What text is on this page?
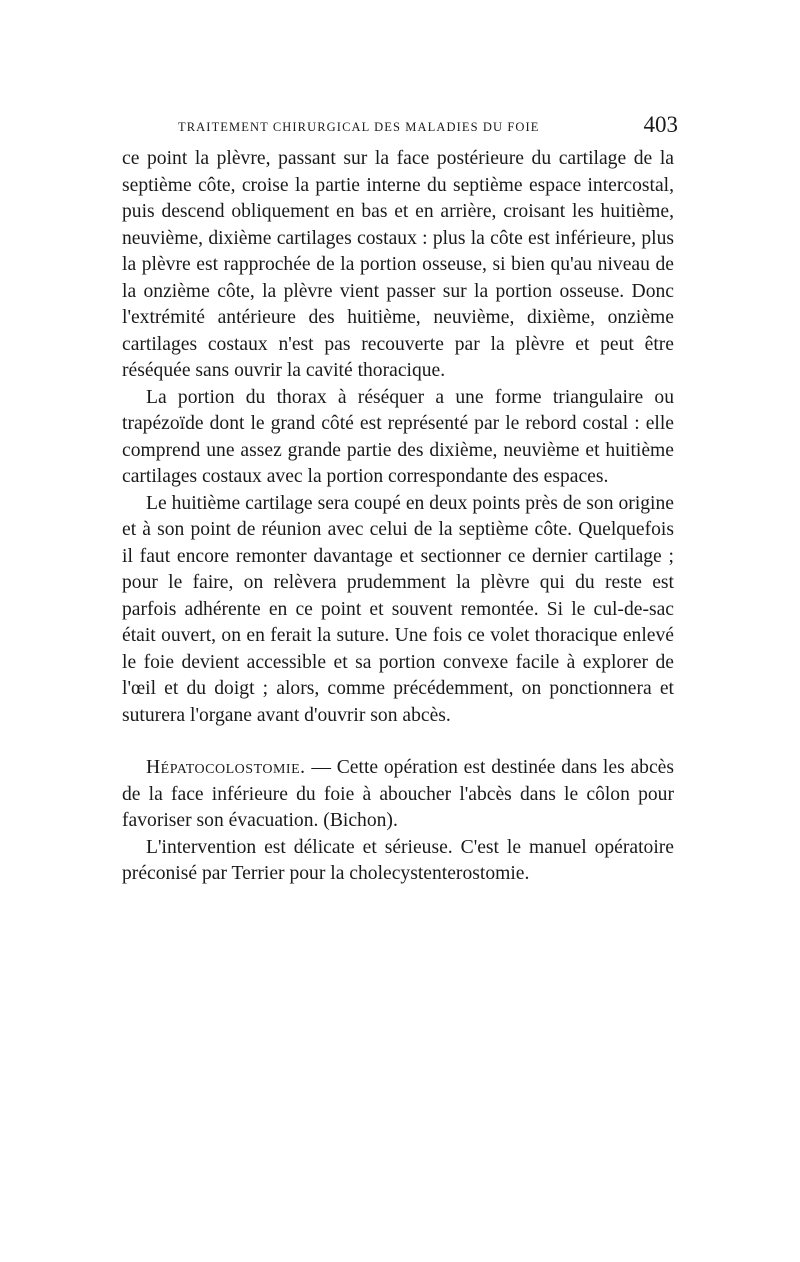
TRAITEMENT CHIRURGICAL DES MALADIES DU FOIE	403

ce point la plèvre, passant sur la face postérieure du cartilage de la septième côte, croise la partie interne du septième espace intercostal, puis descend obliquement en bas et en arrière, croisant les huitième, neuvième, dixième cartilages costaux : plus la côte est inférieure, plus la plèvre est rapprochée de la portion osseuse, si bien qu'au niveau de la onzième côte, la plèvre vient passer sur la portion osseuse. Donc l'extrémité antérieure des huitième, neuvième, dixième, onzième cartilages costaux n'est pas recouverte par la plèvre et peut être réséquée sans ouvrir la cavité thoracique.

La portion du thorax à réséquer a une forme triangulaire ou trapézoïde dont le grand côté est représenté par le rebord costal : elle comprend une assez grande partie des dixième, neuvième et huitième cartilages costaux avec la portion correspondante des espaces.

Le huitième cartilage sera coupé en deux points près de son origine et à son point de réunion avec celui de la septième côte. Quelquefois il faut encore remonter davantage et sectionner ce dernier cartilage ; pour le faire, on relèvera prudemment la plèvre qui du reste est parfois adhérente en ce point et souvent remontée. Si le cul-de-sac était ouvert, on en ferait la suture. Une fois ce volet thoracique enlevé le foie devient accessible et sa portion convexe facile à explorer de l'œil et du doigt ; alors, comme précédemment, on ponctionnera et suturera l'organe avant d'ouvrir son abcès.

Hépatocolostomie. — Cette opération est destinée dans les abcès de la face inférieure du foie à aboucher l'abcès dans le côlon pour favoriser son évacuation. (Bichon).

L'intervention est délicate et sérieuse. C'est le manuel opératoire préconisé par Terrier pour la cholecystenterostomie.
